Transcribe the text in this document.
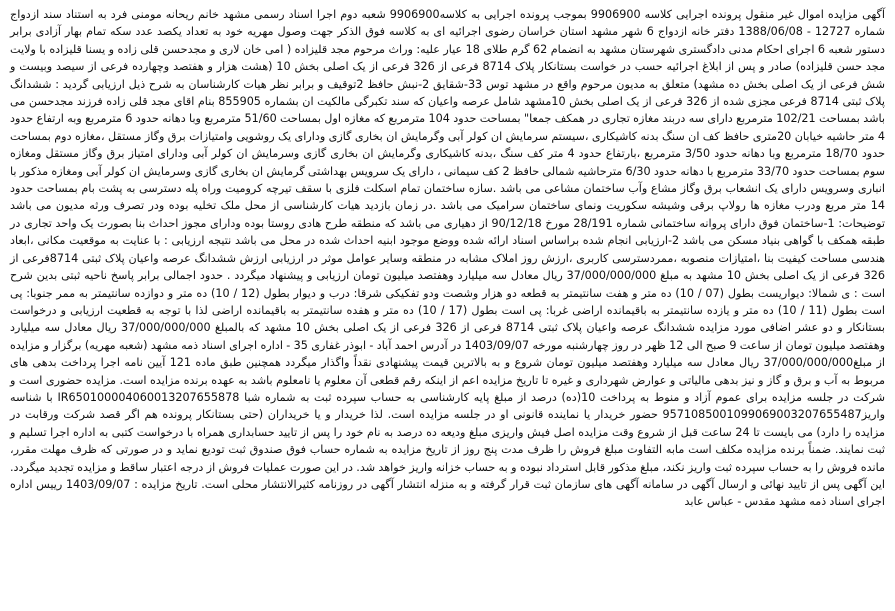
آگهی مزایده اموال غیر منقول پرونده اجرایی کلاسه 9906900 بموجب پرونده اجرایی به کلاسه9906900 شعبه دوم اجرا اسناد رسمی مشهد خانم ریحانه مومنی فرد به استناد سند ازدواج شماره 12727 - 1388/06/08 دفتر خانه ازدواج 6 شهر مشهد استان خراسان رضوی اجرائیه ای به کلاسه فوق الذکر جهت وصول مهریه خود به تعداد یکصد عدد سکه تمام بهار آزادی برابر دستور شعبه 6 اجرای احکام مدنی دادگستری شهرستان مشهد به انضمام 62 گرم طلای 18 عیار علیه: وراث مرحوم مجد قلیزاده ( امی خان لاری و مجدحسن قلی زاده و یسنا قلیزاده با ولایت مجد حسن قلیزاده) صادر و پس از ابلاغ اجرائیه حسب در خواست بستانکار پلاک 8714 فرعی از 326 فرعی از یک اصلی بخش 10 (هشت هزار و هفتصد وچهارده فرعی از سیصد وبیست و شش فرعی از یک اصلی بخش ده مشهد) متعلق به مدیون مرحوم واقع در مشهد توس 33-شقایق 2-نبش حافظ 2توقیف و برابر نظر هیات کارشناسان به شرح ذیل ارزیابی گردید : ششدانگ پلاک ثبتی 8714 فرعی مجزی شده از 326 فرعی از یک اصلی بخش 10مشهد شامل عرصه واعیان که سند تکبرگی مالکیت ان بشماره 855905 بنام اقای مجد قلی زاده فرزند مجدحسن می باشد بمساحت 102/21 مترمربع دارای سه دربند مغازه تجاری در همکف جمعا" بمساحت حدود 104 مترمربع که مغازه اول بمساحت 51/60 مترمربع وبا دهانه حدود 6 مترمربع وبه ارتفاع حدود 4 متر حاشیه خیابان 20متری حافظ کف ان سنگ بدنه کاشیکاری ،سیستم سرمایش ان کولر آبی وگرمایش ان بخاری گازی ودارای یک روشویی وامتیازات برق وگاز مستقل ،مغازه دوم بمساحت حدود 18/70 مترمربع وبا دهانه حدود 3/50 مترمربع ،بارتفاع حدود 4 متر کف سنگ ،بدنه کاشیکاری وگرمایش ان بخاری گازی وسرمایش ان کولر آبی ودارای امتیاز برق وگاز مستقل ومغازه سوم بمساحت حدود 33/70 مترمربع با دهانه حدود 6/30 مترحاشیه شمالی حافظ 2 کف سیمانی ، دارای یک سرویس بهداشتی گرمایش ان بخاری گازی وسرمایش ان کولر آبی ومغازه مذکور با انباری وسرویس دارای یک انشعاب برق وگاز مشاع وآب ساختمان مشاعی می باشد .سازه ساختمان تمام اسکلت فلزی با سقف تیرچه کرومیت وراه پله دسترسی به پشت بام بمساحت حدود 14 متر مربع ودرب مغازه ها رولاپ برقی وشیشه سکوریت ونمای ساختمان سرامیک می باشد .در زمان بازدید هیات کارشناسی از محل ملک تخلیه بوده ودر تصرف ورثه مدیون می باشد توضیحات: 1-ساختمان فوق دارای پروانه ساختمانی شماره 28/191 مورخ 90/12/18 از دهیاری می باشد که منطقه طرح هادی روستا بوده ودارای مجوز احداث بنا بصورت یک واحد تجاری در طبقه همکف با گواهی بنیاد مسکن می باشد 2-ارزیابی انجام شده براساس اسناد ارائه شده ووضع موجود ابنیه احداث شده در محل می باشد نتیجه ارزیابی : با عنایت به موقعیت مکانی ،ابعاد هندسی مساحت کیفیت بنا ،امتیازات منصوبه ،ممردسترسی کاربری ،ارزش روز املاک مشابه در منطقه وسایر عوامل موثر در ارزیابی ارزش ششدانگ عرصه واعیان پلاک ثبتی 8714فرعی از 326 فرعی از یک اصلی بخش 10 مشهد به مبلغ 37/000/000/000 ریال معادل سه میلیارد وهفتصد میلیون تومان ارزیابی و پیشنهاد میگردد . حدود اجمالی برابر پاسخ ناحیه ثبتی بدین شرح است : ی شمالا: دیواریست بطول (07 / 10) ده متر و هفت سانتیمتر به قطعه دو هزار وشصت ودو تفکیکی شرقا: درب و دیوار بطول (12 / 10) ده متر و دوازده سانتیمتر به ممر جنوبا: پی است بطول (11 / 10) ده متر و یازده سانتیمتر به باقیمانده اراضی غربا: پی است بطول (17 / 10) ده متر و هفده سانتیمتر به باقیمانده اراضی لذا با توجه به قطعیت ارزیابی و درخواست بستانکار و دو عشر اضافی مورد مزایده ششدانگ عرصه واعیان پلاک ثبتی 8714 فرعی از 326 فرعی از یک اصلی بخش 10 مشهد که بالمبلغ 37/000/000/000 ریال معادل سه میلیارد وهفتصد میلیون تومان از ساعت 9 صبح الی 12 ظهر در روز چهارشنبه مورخه 1403/09/07 در آدرس احمد آباد - ابوذر غفاری 35 - اداره اجرای اسناد ذمه مشهد (شعبه مهریه) برگزار و مزایده از مبلغ37/000/000/000 ریال معادل سه میلیارد وهفتصد میلیون تومان شروع و به بالاترین قیمت پیشنهادی نقداً واگذار میگردد همچنین طبق ماده 121 آیین نامه اجرا پرداخت بدهی های مربوط به آب و برق و گاز و نیز بدهی مالیاتی و عوارض شهرداری و غیره تا تاریخ مزایده اعم از اینکه رقم قطعی آن معلوم یا نامعلوم باشد به عهده برنده مزایده است. مزایده حضوری است و شرکت در جلسه مزایده برای عموم آزاد و منوط به پرداخت 10(ده) درصد از مبلغ پایه کارشناسی به حساب سپرده ثبت به شماره شبا IR650100004060013207655878 با شناسه واریز9571085001099069003207655487 حضور خریدار یا نماینده قانونی او در جلسه مزایده است. لذا خریدار و یا خریداران (حتی بستانکار پرونده هم اگر قصد شرکت ورقابت در مزایده را دارد) می بایست تا 24 ساعت قبل از شروع وقت مزایده اصل فیش واریزی مبلغ ودیعه ده درصد به نام خود را پس از تایید حسابداری همراه با درخواست کتبی به اداره اجرا تسلیم و ثبت نمایند. ضمناً برنده مزایده مکلف است مابه التفاوت مبلغ فروش را ظرف مدت پنج روز از تاریخ مزایده به شماره حساب فوق صندوق ثبت تودیع نماید و در صورتی که ظرف مهلت مقرر، مانده فروش را به حساب سپرده ثبت واریز نکند، مبلغ مذکور قابل استرداد نبوده و به حساب خزانه واریز خواهد شد. در این صورت عملیات فروش از درجه اعتبار ساقط و مزایده تجدید میگردد. این آگهی پس از تایید نهائی و ارسال آگهی در سامانه آگهی های سازمان ثبت قرار گرفته و به منزله انتشار آگهی در روزنامه کثیرالانتشار محلی است. تاریخ مزایده : 1403/09/07 رییس اداره اجرای اسناد ذمه مشهد مقدس - عباس عابد
